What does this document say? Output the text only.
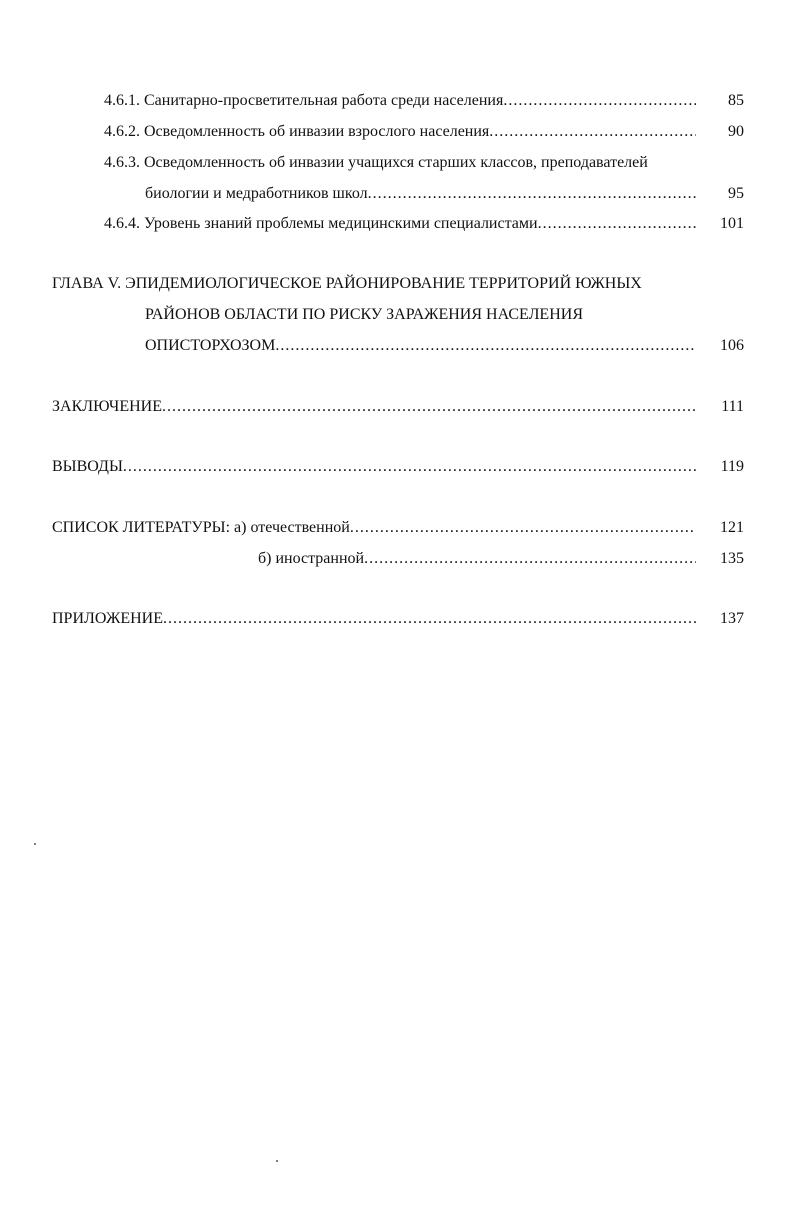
4.6.1. Санитарно-просветительная работа среди населения .....	85
4.6.2. Осведомленность об инвазии взрослого населения .....	90
4.6.3. Осведомленность об инвазии учащихся старших классов, преподавателей
биологии и медработников школ .....	95
4.6.4. Уровень знаний проблемы медицинскими специалистами .....	101
ГЛАВА V. ЭПИДЕМИОЛОГИЧЕСКОЕ РАЙОНИРОВАНИЕ ТЕРРИТОРИЙ ЮЖНЫХ
РАЙОНОВ ОБЛАСТИ ПО РИСКУ ЗАРАЖЕНИЯ НАСЕЛЕНИЯ
ОПИСТОРХОЗОМ .....	106
ЗАКЛЮЧЕНИЕ .....	111
ВЫВОДЫ .....	119
СПИСОК ЛИТЕРАТУРЫ: а) отечественной .....	121
б) иностранной .....	135
ПРИЛОЖЕНИЕ .....	137
